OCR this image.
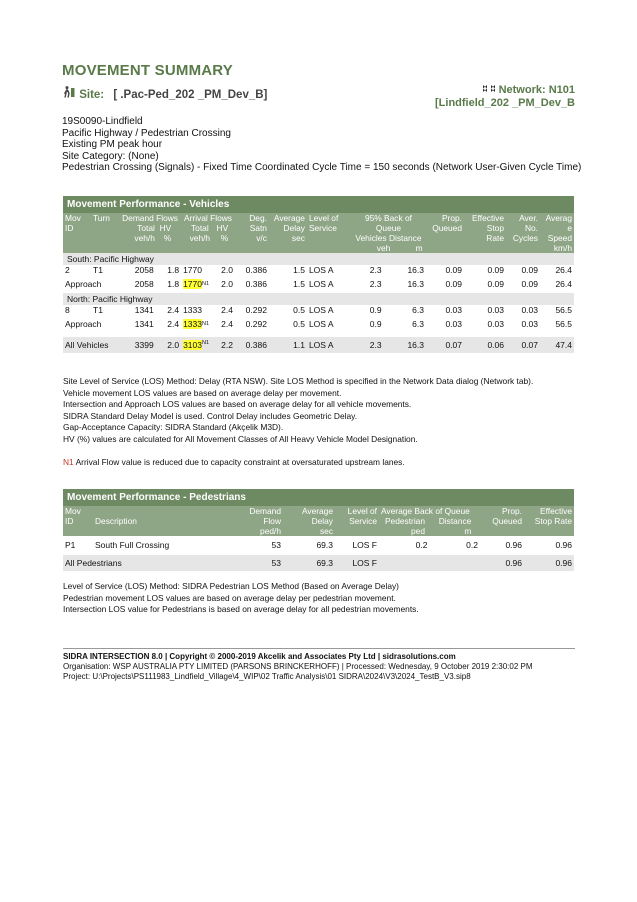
MOVEMENT SUMMARY
Site: [ .Pac-Ped_202 _PM_Dev_B]	Network: N101
[Lindfield_202 _PM_Dev_B
19S0090-Lindfield
Pacific Highway / Pedestrian Crossing
Existing PM peak hour
Site Category: (None)
Pedestrian Crossing (Signals) - Fixed Time Coordinated Cycle Time = 150 seconds (Network User-Given Cycle Time)
Movement Performance - Vehicles														
Mov
ID	Turn	Demand Flows
Total HV
veh/h %		Arrival Flows
Total HV
veh/h %		Deg.
Satn
v/c	Average
Delay
sec	Level of
Service	95% Back of
Queue
Vehicles Distance
veh m		Prop.
Queued	Effective
Stop
Rate	Aver.
No.
Cycles	Averag
e
Speed
km/h
South: Pacific Highway														
2	T1	2058	1.8	1770	2.0	0.386	1.5	LOS A	2.3	16.3	0.09	0.09	0.09	26.4

Approach		2058	1.8	$1770^{N1}$	2.0	0.386	1.5	LOS A	2.3	16.3	0.09	0.09	0.09	26.4

North: Pacific Highway														
8	T1	1341	2.4	1333	2.4	0.292	0.5	LOS A	0.9	6.3	0.03	0.03	0.03	56.5

Approach		1341	2.4	$1333^{N1}$	2.4	0.292	0.5	LOS A	0.9	6.3	0.03	0.03	0.03	56.5

All Vehicles		3399	2.0	$3103^{N1}$	2.2	0.386	1.1	LOS A	2.3	16.3	0.07	0.06	0.07	47.4
Site Level of Service (LOS) Method: Delay (RTA NSW). Site LOS Method is specified in the Network Data dialog (Network tab).
Vehicle movement LOS values are based on average delay per movement.
Intersection and Approach LOS values are based on average delay for all vehicle movements.
SIDRA Standard Delay Model is used. Control Delay includes Geometric Delay.
Gap-Acceptance Capacity: SIDRA Standard (Akçelik M3D).
HV (%) values are calculated for All Movement Classes of All Heavy Vehicle Model Designation.
N1 Arrival Flow value is reduced due to capacity constraint at oversaturated upstream lanes.
Movement Performance - Pedestrians								
Mov
ID	Description	Demand
Flow
ped/h	Average
Delay
sec	Level of
Service	Average Back of Queue
Pedestrian Distance
ped m		Prop.
Queued	Effective
Stop Rate

P1	South Full Crossing	53	69.3	LOS F	0.2	0.2	0.96	0.96

All Pedestrians		53	69.3	LOS F			0.96	0.96
Level of Service (LOS) Method: SIDRA Pedestrian LOS Method (Based on Average Delay)
Pedestrian movement LOS values are based on average delay per pedestrian movement.
Intersection LOS value for Pedestrians is based on average delay for all pedestrian movements.
SIDRA INTERSECTION 8.0 | Copyright © 2000-2019 Akcelik and Associates Pty Ltd | sidrasolutions.com
Organisation: WSP AUSTRALIA PTY LIMITED (PARSONS BRINCKERHOFF) | Processed: Wednesday, 9 October 2019 2:30:02 PM
Project: U:\Projects\PS111983_Lindfield_Village\4_WIP\02 Traffic Analysis\01 SIDRA\2024\V3\2024_TestB_V3.sip8
